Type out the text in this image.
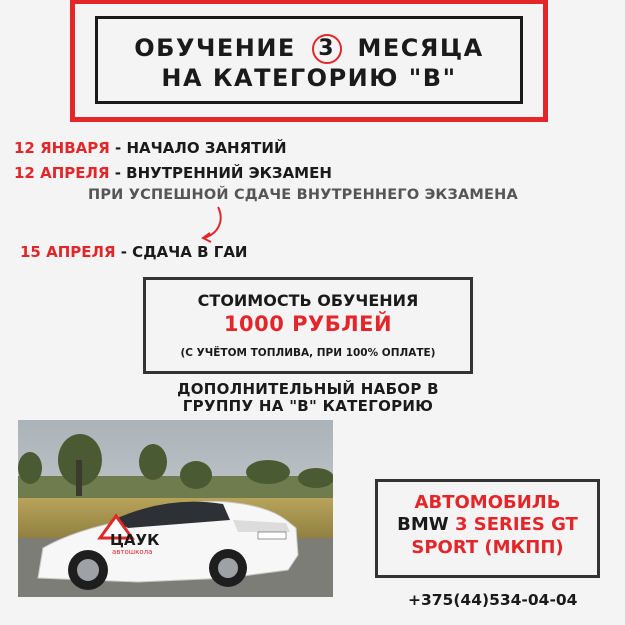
ОБУЧЕНИЕ 3 МЕСЯЦА
НА КАТЕГОРИЮ "В"
12 ЯНВАРЯ - НАЧАЛО ЗАНЯТИЙ
12 АПРЕЛЯ - ВНУТРЕННИЙ ЭКЗАМЕН
ПРИ УСПЕШНОЙ СДАЧЕ ВНУТРЕННЕГО ЭКЗАМЕНА
15 АПРЕЛЯ - СДАЧА В ГАИ
СТОИМОСТЬ ОБУЧЕНИЯ
1000 РУБЛЕЙ
(С УЧЁТОМ ТОПЛИВА, ПРИ 100% ОПЛАТЕ)
ДОПОЛНИТЕЛЬНЫЙ НАБОР В
ГРУППУ НА "В" КАТЕГОРИЮ
ЦАУК
автошкола
АВТОМОБИЛЬ
BMW 3 SERIES GT
SPORT (МКПП)
+375(44)534-04-04
